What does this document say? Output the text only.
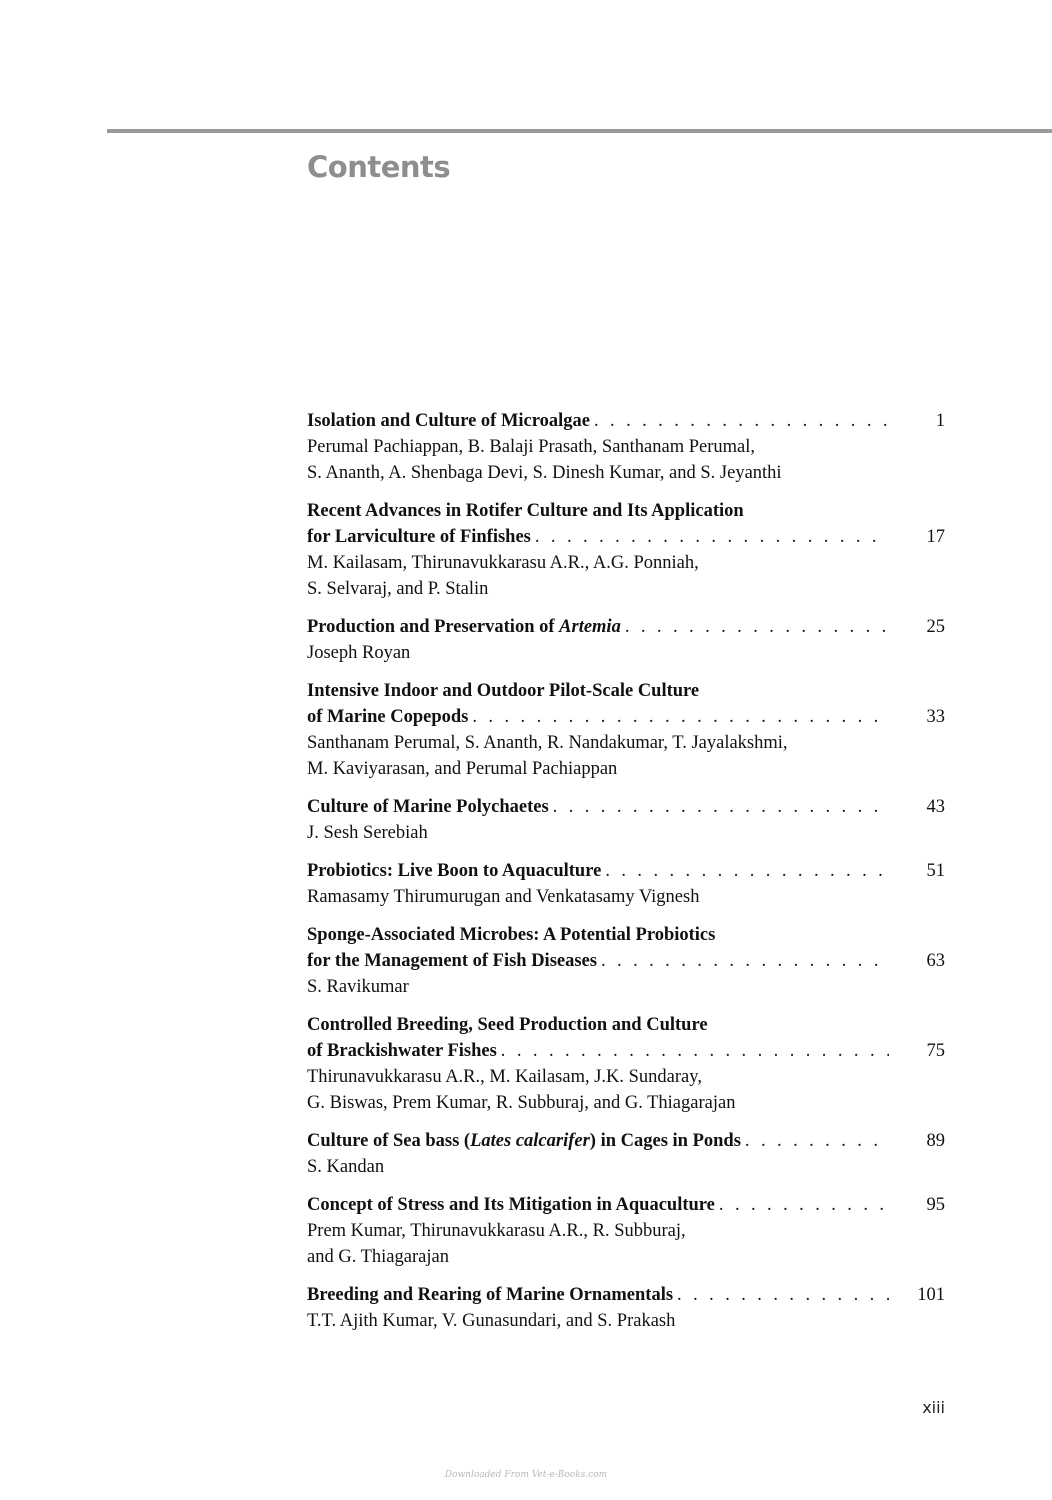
Contents
Isolation and Culture of Microalgae . . .	1
Perumal Pachiappan, B. Balaji Prasath, Santhanam Perumal,
S. Ananth, A. Shenbaga Devi, S. Dinesh Kumar, and S. Jeyanthi
Recent Advances in Rotifer Culture and Its Application
for Larviculture of Finfishes . . .	17
M. Kailasam, Thirunavukkarasu A.R., A.G. Ponniah,
S. Selvaraj, and P. Stalin
Production and Preservation of Artemia . . .	25
Joseph Royan
Intensive Indoor and Outdoor Pilot-Scale Culture
of Marine Copepods . . .	33
Santhanam Perumal, S. Ananth, R. Nandakumar, T. Jayalakshmi,
M. Kaviyarasan, and Perumal Pachiappan
Culture of Marine Polychaetes . . .	43
J. Sesh Serebiah
Probiotics: Live Boon to Aquaculture . . .	51
Ramasamy Thirumurugan and Venkatasamy Vignesh
Sponge-Associated Microbes: A Potential Probiotics
for the Management of Fish Diseases . . .	63
S. Ravikumar
Controlled Breeding, Seed Production and Culture
of Brackishwater Fishes . . .	75
Thirunavukkarasu A.R., M. Kailasam, J.K. Sundaray,
G. Biswas, Prem Kumar, R. Subburaj, and G. Thiagarajan
Culture of Sea bass (Lates calcarifer) in Cages in Ponds . . .	89
S. Kandan
Concept of Stress and Its Mitigation in Aquaculture . . .	95
Prem Kumar, Thirunavukkarasu A.R., R. Subburaj,
and G. Thiagarajan
Breeding and Rearing of Marine Ornamentals . . .	101
T.T. Ajith Kumar, V. Gunasundari, and S. Prakash
xiii
Downloaded From Vet-e-Books.com
